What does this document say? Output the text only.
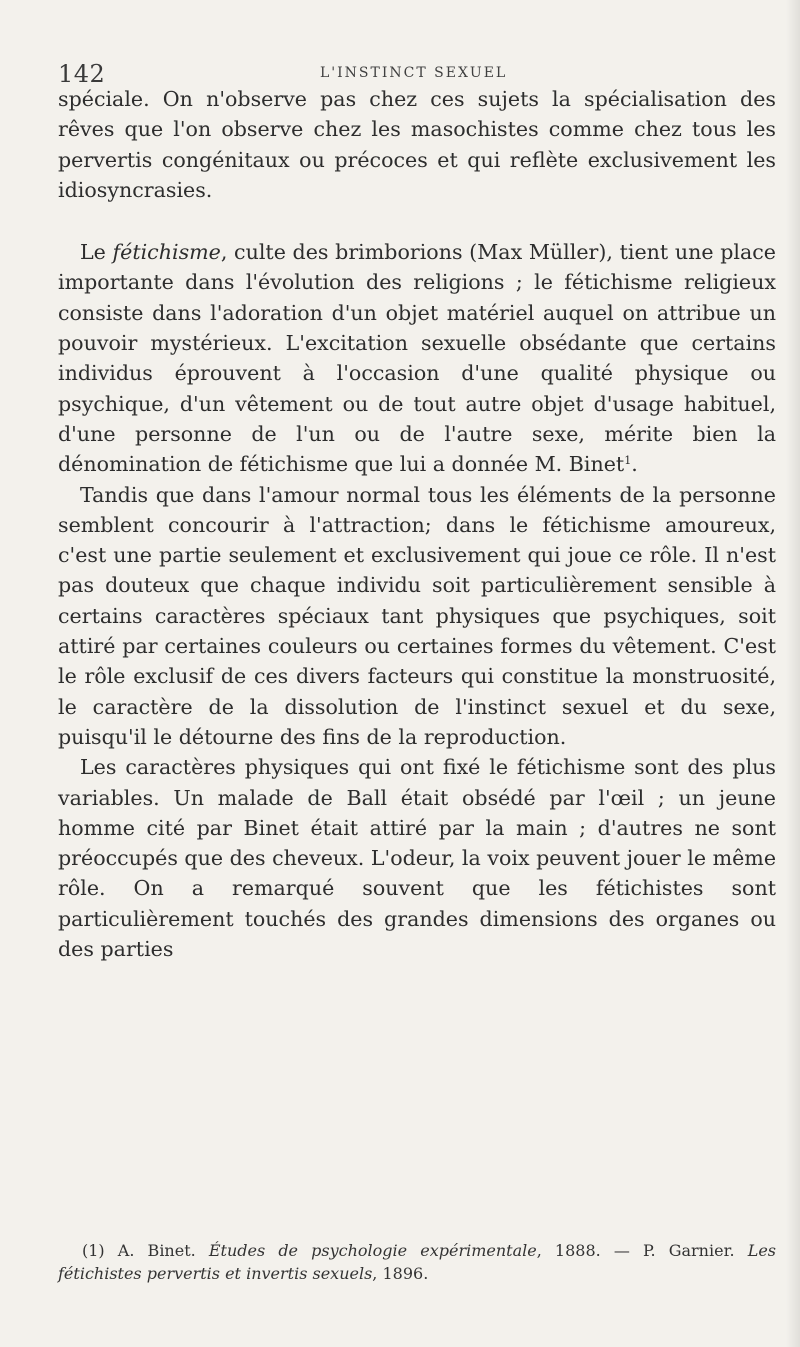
142	L'INSTINCT SEXUEL

spéciale. On n'observe pas chez ces sujets la spécialisation des rêves que l'on observe chez les masochistes comme chez tous les pervertis congénitaux ou précoces et qui reflète exclusivement les idiosyncrasies.

Le fétichisme, culte des brimborions (Max Müller), tient une place importante dans l'évolution des religions ; le fétichisme religieux consiste dans l'adoration d'un objet matériel auquel on attribue un pouvoir mystérieux. L'excitation sexuelle obsédante que certains individus éprouvent à l'occasion d'une qualité physique ou psychique, d'un vêtement ou de tout autre objet d'usage habituel, d'une personne de l'un ou de l'autre sexe, mérite bien la dénomination de fétichisme que lui a donnée M. Binet$^1$.

Tandis que dans l'amour normal tous les éléments de la personne semblent concourir à l'attraction; dans le fétichisme amoureux, c'est une partie seulement et exclusivement qui joue ce rôle. Il n'est pas douteux que chaque individu soit particulièrement sensible à certains caractères spéciaux tant physiques que psychiques, soit attiré par certaines couleurs ou certaines formes du vêtement. C'est le rôle exclusif de ces divers facteurs qui constitue la monstruosité, le caractère de la dissolution de l'instinct sexuel et du sexe, puisqu'il le détourne des fins de la reproduction.

Les caractères physiques qui ont fixé le fétichisme sont des plus variables. Un malade de Ball était obsédé par l'œil ; un jeune homme cité par Binet était attiré par la main ; d'autres ne sont préoccupés que des cheveux. L'odeur, la voix peuvent jouer le même rôle. On a remarqué souvent que les fétichistes sont particulièrement touchés des grandes dimensions des organes ou des parties

(1) A. Binet. Études de psychologie expérimentale, 1888. — P. Garnier. Les fétichistes pervertis et invertis sexuels, 1896.
